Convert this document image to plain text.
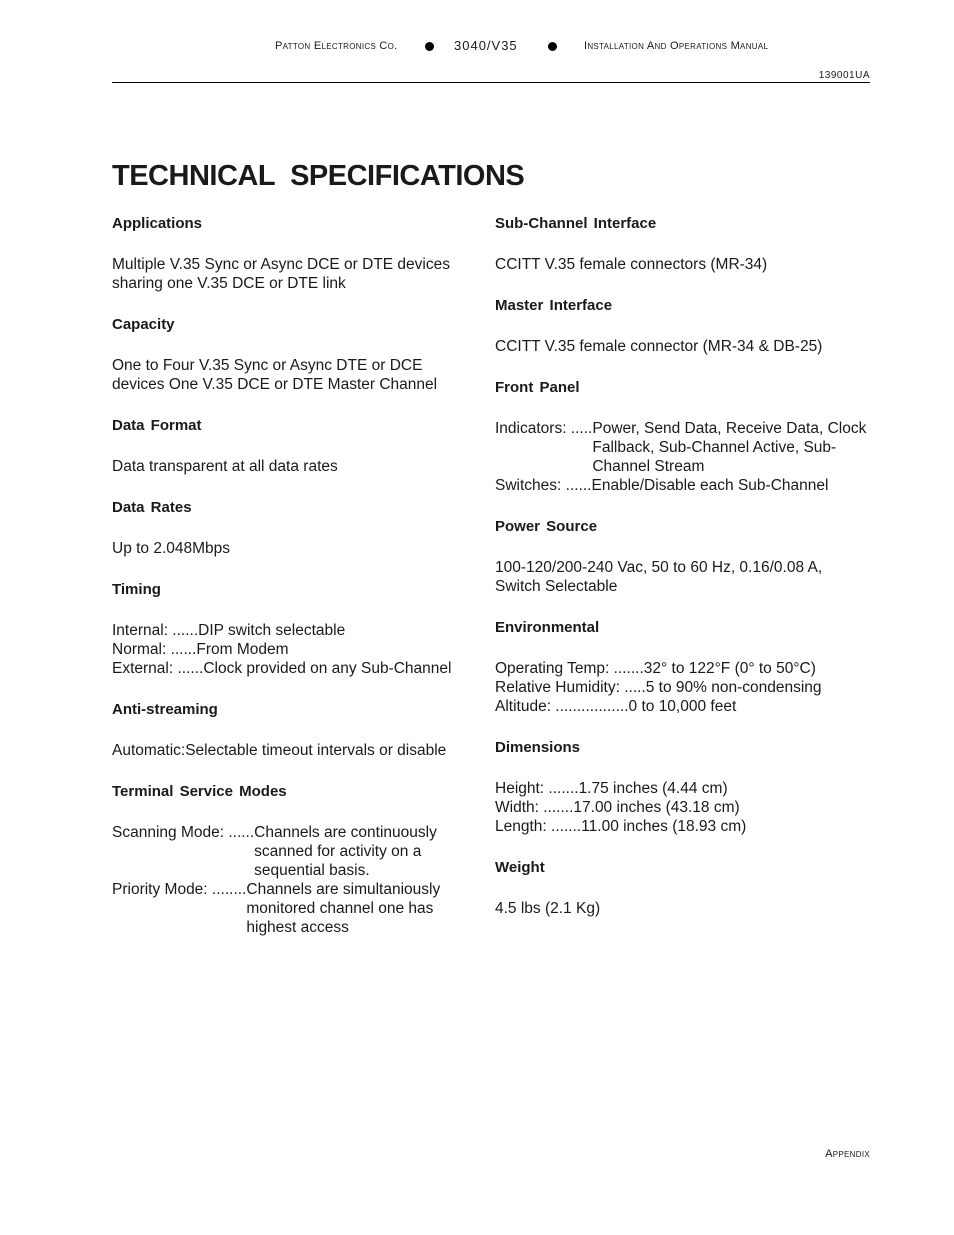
Patton Electronics Co.	3040/V35	Installation And Operations Manual
139001UA
TECHNICAL SPECIFICATIONS
Applications
Multiple V.35 Sync or Async DCE or DTE devices sharing one V.35 DCE or DTE link
Capacity
One to Four V.35 Sync or Async DTE or DCE devices One V.35 DCE or DTE Master Channel
Data Format
Data transparent at all data rates
Data Rates
Up to 2.048Mbps
Timing
Internal: ...... DIP switch selectable
Normal: ...... From Modem
External: ...... Clock provided on any Sub-Channel
Anti-streaming
Automatic:Selectable timeout intervals or disable
Terminal Service Modes
Scanning Mode: ...... Channels are continuously scanned for activity on a sequential basis.
Priority Mode: ........ Channels are simultaniously monitored channel one has highest access
Sub-Channel Interface
CCITT V.35 female connectors (MR-34)
Master Interface
CCITT V.35 female connector (MR-34 & DB-25)
Front Panel
Indicators: ..... Power, Send Data, Receive Data, Clock Fallback, Sub-Channel Active, Sub-Channel Stream
Switches: ...... Enable/Disable each Sub-Channel
Power Source
100-120/200-240 Vac, 50 to 60 Hz, 0.16/0.08 A, Switch Selectable
Environmental
Operating Temp: ....... 32° to 122°F (0° to 50°C)
Relative Humidity: ..... 5 to 90% non-condensing
Altitude: ................. 0 to 10,000 feet
Dimensions
Height: ....... 1.75 inches (4.44 cm)
Width: ....... 17.00 inches (43.18 cm)
Length: ....... 11.00 inches (18.93 cm)
Weight
4.5 lbs (2.1 Kg)
Appendix
